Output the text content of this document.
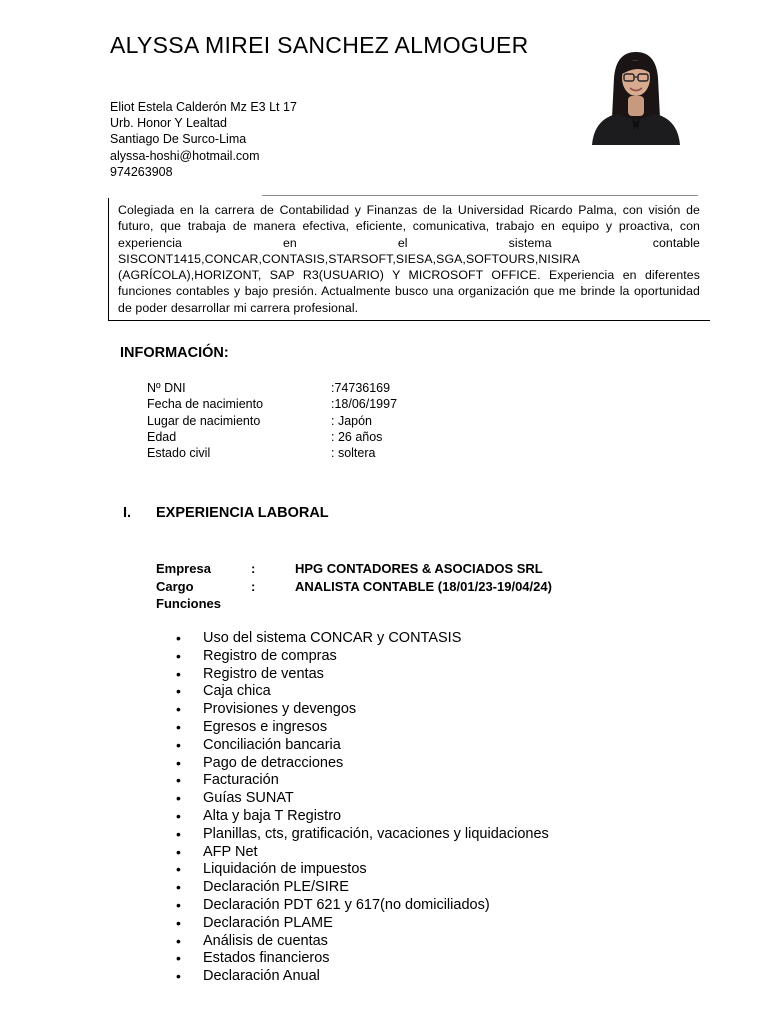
ALYSSA MIREI SANCHEZ ALMOGUER
Eliot Estela Calderón Mz E3 Lt 17
Urb. Honor Y Lealtad
Santiago De Surco-Lima
alyssa-hoshi@hotmail.com
974263908
Colegiada en la carrera de Contabilidad y Finanzas de la Universidad Ricardo Palma, con visión de futuro, que trabaja de manera efectiva, eficiente, comunicativa, trabajo en equipo y proactiva, con experiencia en el sistema contable SISCONT1415,CONCAR,CONTASIS,STARSOFT,SIESA,SGA,SOFTOURS,NISIRA (AGRÍCOLA),HORIZONT, SAP R3(USUARIO) Y MICROSOFT OFFICE. Experiencia en diferentes funciones contables y bajo presión. Actualmente busco una organización que me brinde la oportunidad de poder desarrollar mi carrera profesional.
INFORMACIÓN:
Nº DNI	:74736169
Fecha de nacimiento	:18/06/1997
Lugar de nacimiento	: Japón
Edad	: 26 años
Estado civil	: soltera
I. EXPERIENCIA LABORAL
Empresa	:	HPG CONTADORES & ASOCIADOS SRL
Cargo	:	ANALISTA CONTABLE (18/01/23-19/04/24)
Funciones
•	Uso del sistema CONCAR y CONTASIS
•	Registro de compras
•	Registro de ventas
•	Caja chica
•	Provisiones y devengos
•	Egresos e ingresos
•	Conciliación bancaria
•	Pago de detracciones
•	Facturación
•	Guías SUNAT
•	Alta y baja T Registro
•	Planillas, cts, gratificación, vacaciones y liquidaciones
•	AFP Net
•	Liquidación de impuestos
•	Declaración PLE/SIRE
•	Declaración PDT 621 y 617(no domiciliados)
•	Declaración PLAME
•	Análisis de cuentas
•	Estados financieros
•	Declaración Anual
